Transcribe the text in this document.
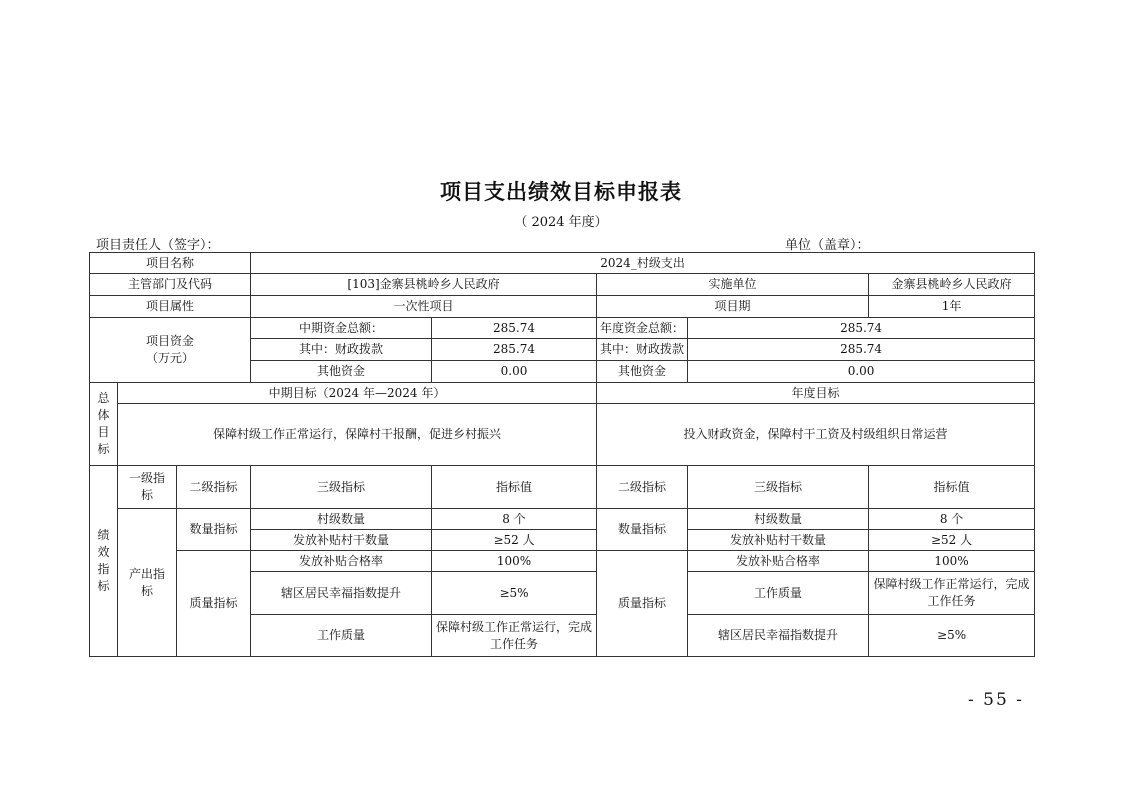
项目支出绩效目标申报表
（ 2024 年度）
项目责任人（签字）：	单位（盖章）：
项目名称			2024_村级支出				
主管部门及代码			[103]金寨县桃岭乡人民政府		实施单位		金寨县桃岭乡人民政府
项目属性			一次性项目		项目期		1年

项目资金
（万元）			中期资金总额：	285.74	年度资金总额：	285.74	
			其中：财政拨款	285.74	其中：财政拨款	285.74	
			其他资金	0.00	其他资金	0.00	

总体目标	中期目标（2024 年—2024 年）				年度目标		
	保障村级工作正常运行，保障村干报酬，促进乡村振兴				投入财政资金，保障村干工资及村级组织日常运营		

绩效指标	一级指标	二级指标	三级指标	指标值	二级指标	三级指标	指标值

	产出指标	数量指标	村级数量	8 个	数量指标	村级数量	8 个
			发放补贴村干数量	≥52 人		发放补贴村干数量	≥52 人
		质量指标	发放补贴合格率	100%	质量指标	发放补贴合格率	100%
			辖区居民幸福指数提升	≥5%		工作质量	保障村级工作正常运行，完成工作任务
			工作质量	保障村级工作正常运行，完成工作任务		辖区居民幸福指数提升	≥5%
- 55 -
